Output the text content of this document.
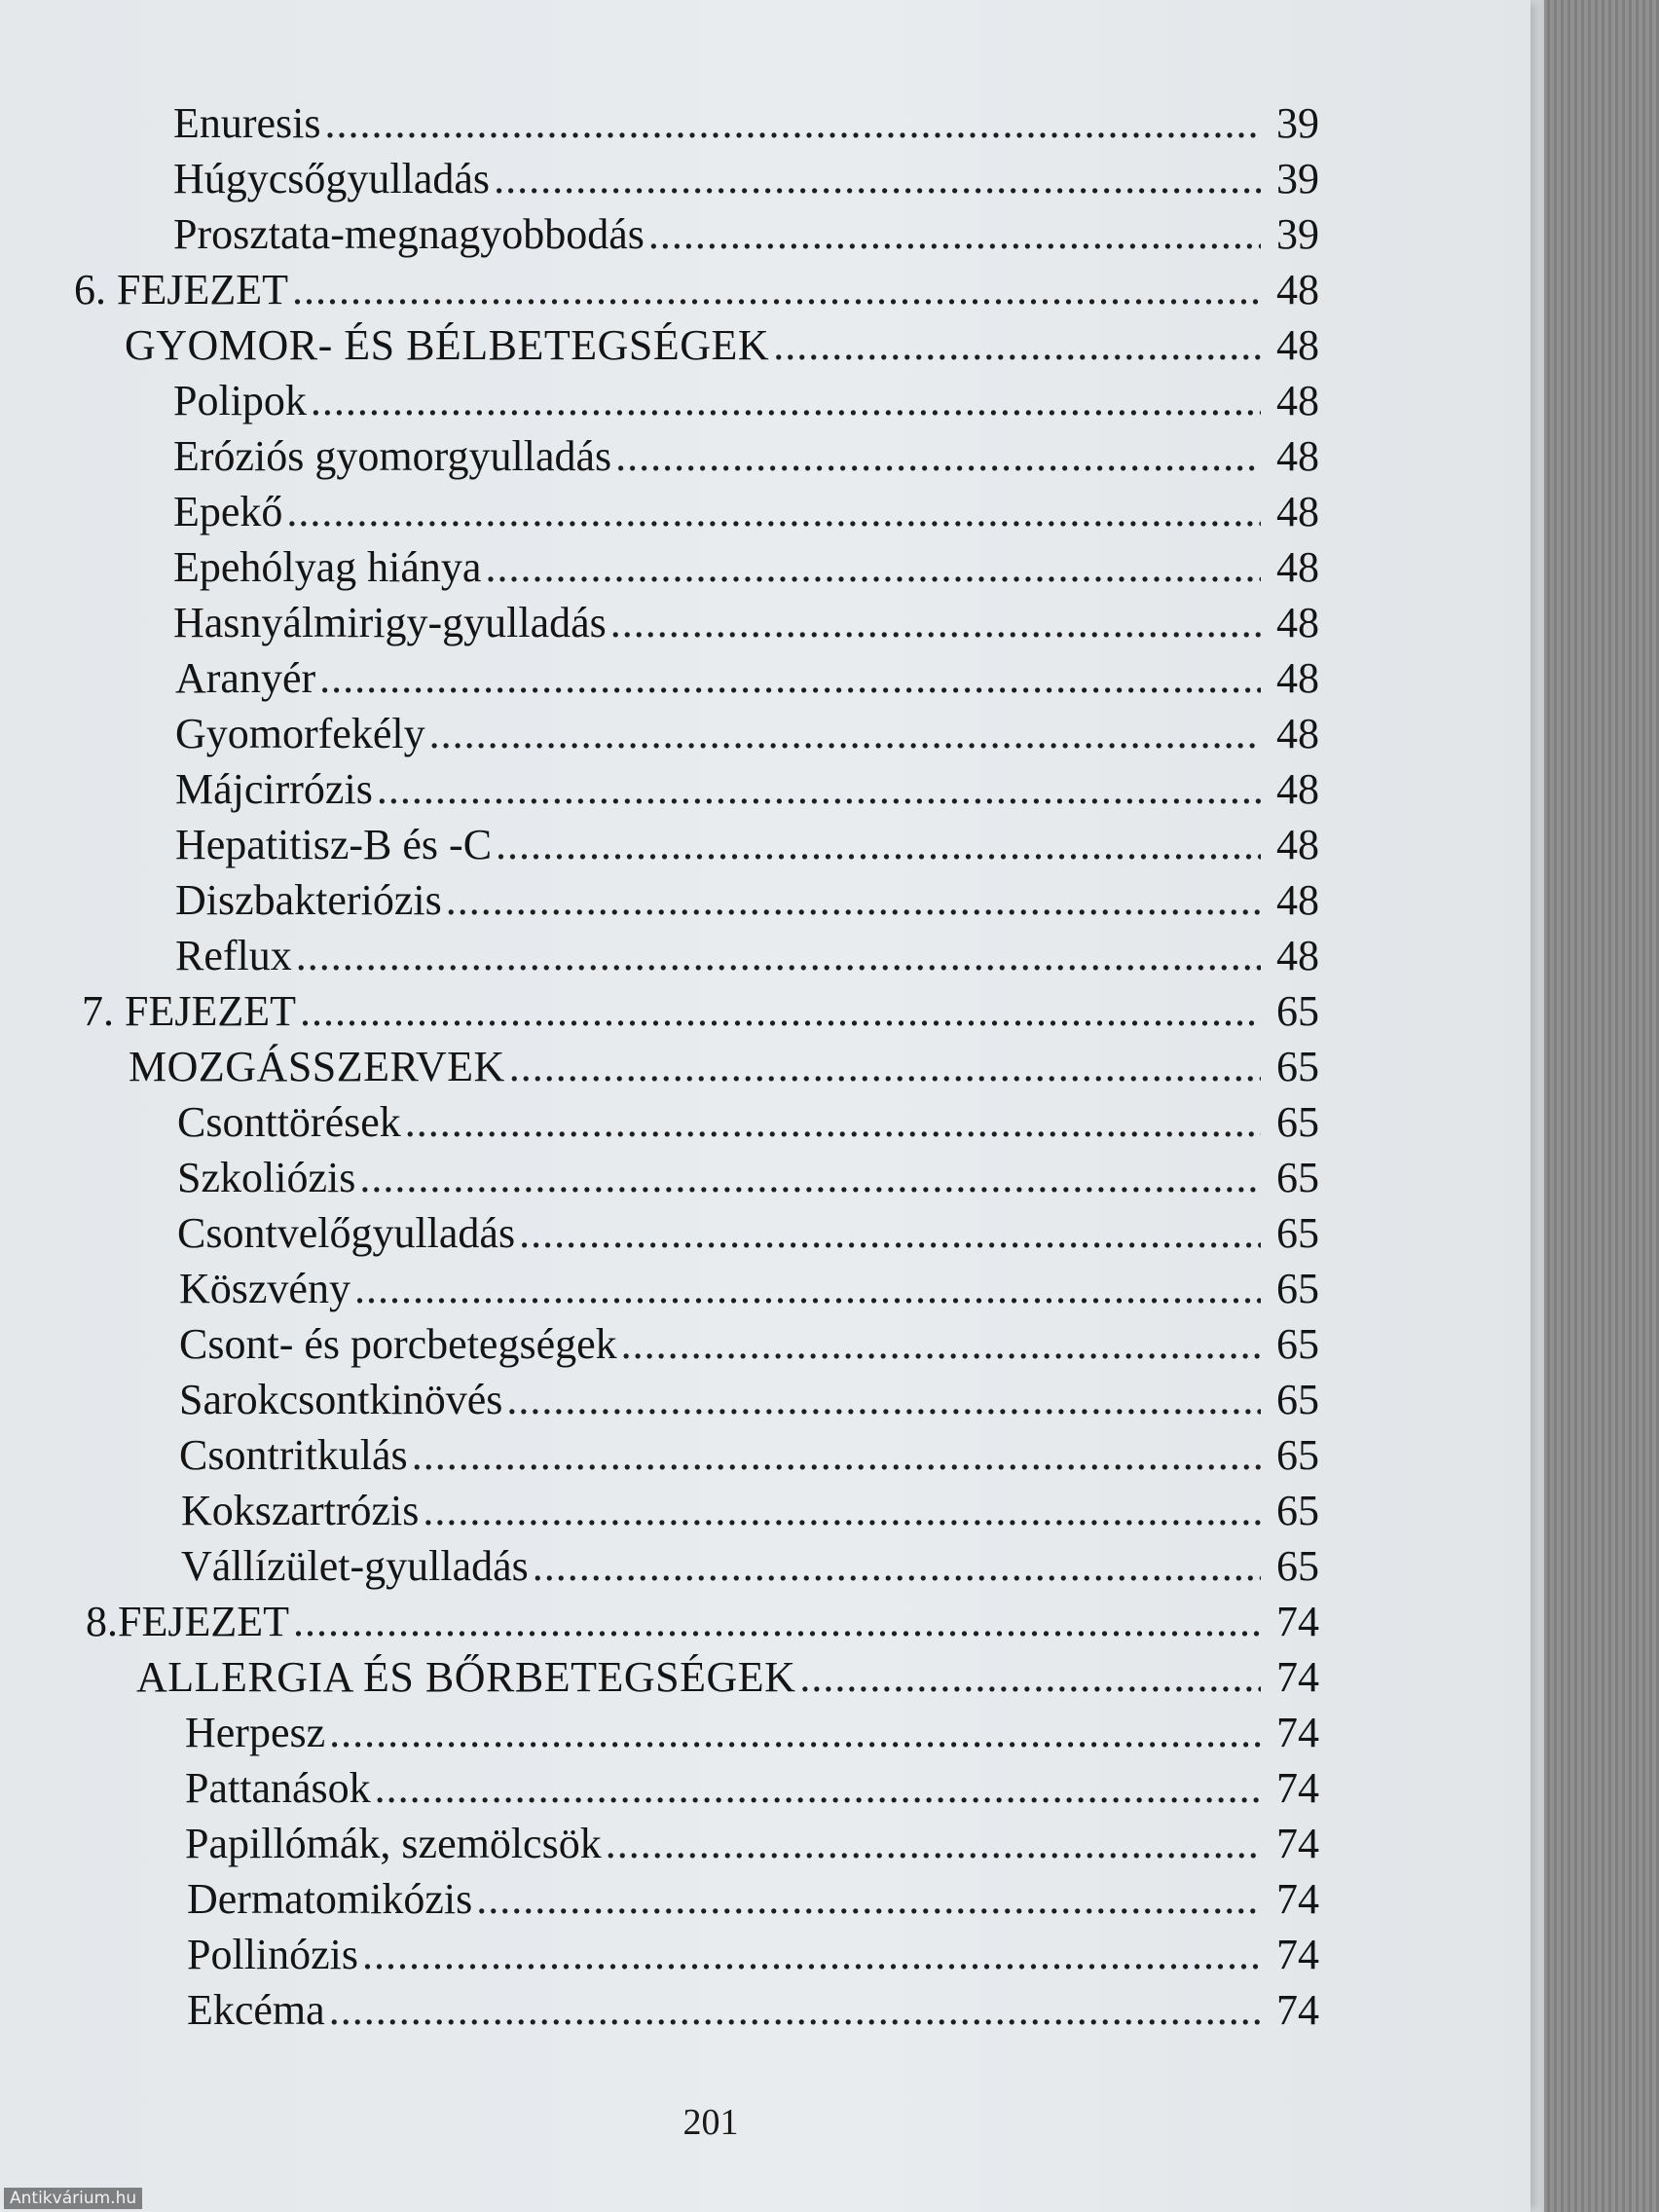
Enuresis .....	39
Húgycsőgyulladás .....	39
Prosztata-megnagyobbodás .....	39
6. FEJEZET .....	48
GYOMOR- ÉS BÉLBETEGSÉGEK .....	48
Polipok .....	48
Eróziós gyomorgyulladás .....	48
Epekő .....	48
Epehólyag hiánya .....	48
Hasnyálmirigy-gyulladás .....	48
Aranyér .....	48
Gyomorfekély .....	48
Májcirrózis .....	48
Hepatitisz-B és -C .....	48
Diszbakteriózis .....	48
Reflux .....	48
7. FEJEZET .....	65
MOZGÁSSZERVEK .....	65
Csonttörések .....	65
Szkoliózis .....	65
Csontvelőgyulladás .....	65
Köszvény .....	65
Csont- és porcbetegségek .....	65
Sarokcsontkinövés .....	65
Csontritkulás .....	65
Kokszartrózis .....	65
Vállízület-gyulladás .....	65
8.FEJEZET .....	74
ALLERGIA ÉS BŐRBETEGSÉGEK .....	74
Herpesz .....	74
Pattanások .....	74
Papillómák, szemölcsök .....	74
Dermatomikózis .....	74
Pollinózis .....	74
Ekcéma .....	74
201
Antikvárium.hu
